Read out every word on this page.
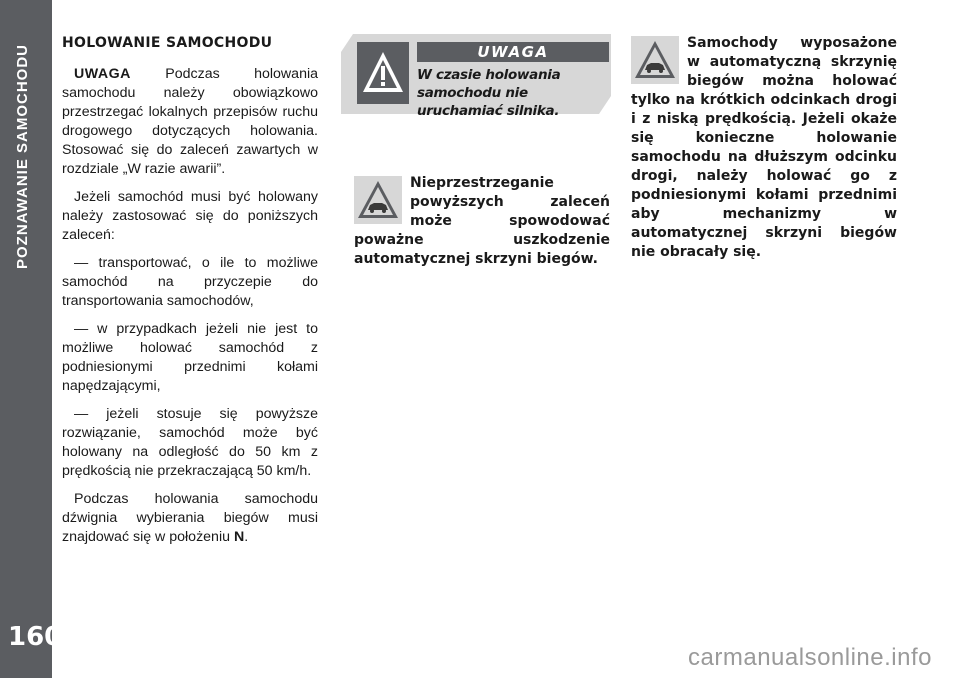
POZNAWANIE SAMOCHODU
160
HOLOWANIE SAMOCHODU

UWAGA Podczas holowania samochodu należy obowiązkowo przestrzegać lokalnych przepisów ruchu drogowego dotyczących holowania. Stosować się do zaleceń zawartych w rozdziale „W razie awarii”.

Jeżeli samochód musi być holowany należy zastosować się do poniższych zaleceń:

— transportować, o ile to możliwe samochód na przyczepie do transportowania samochodów,

— w przypadkach jeżeli nie jest to możliwe holować samochód z podniesionymi przednimi kołami napędzającymi,

— jeżeli stosuje się powyższe rozwiązanie, samochód może być holowany na odległość do 50 km z prędkością nie przekraczającą 50 km/h.

Podczas holowania samochodu dźwignia wybierania biegów musi znajdować się w położeniu N.

UWAGA
W czasie holowania samochodu nie uruchamiać silnika.
Nieprzestrzeganie powyższych zaleceń może spowodować poważne uszkodzenie automatycznej skrzyni biegów.
Samochody wyposażone w automatyczną skrzynię biegów można holować tylko na krótkich odcinkach drogi i z niską prędkością. Jeżeli okaże się konieczne holowanie samochodu na dłuższym odcinku drogi, należy holować go z podniesionymi kołami przednimi aby mechanizmy w automatycznej skrzyni biegów nie obracały się.
carmanualsonline.info
